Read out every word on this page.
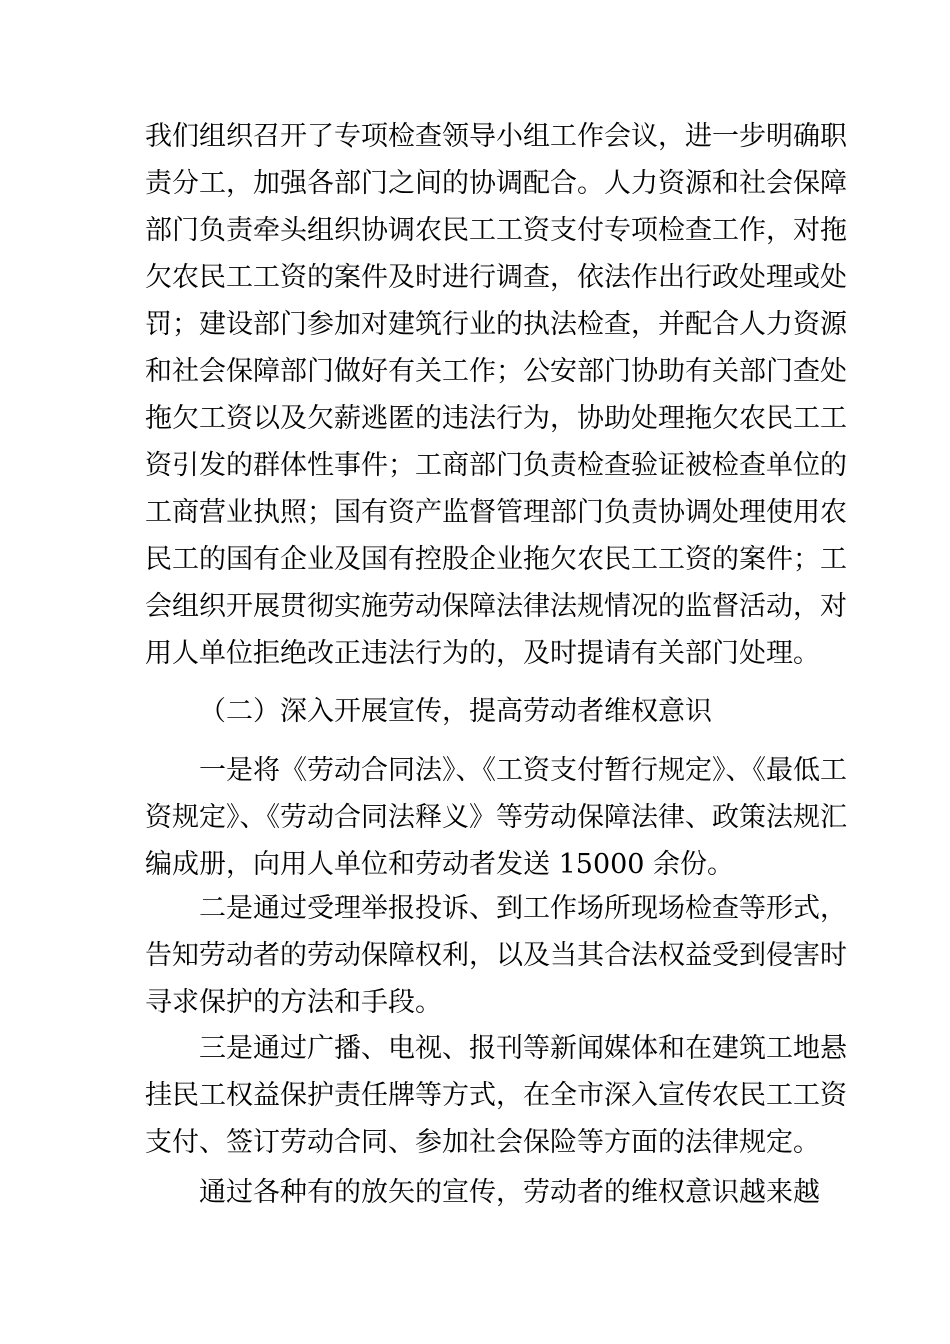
我们组织召开了专项检查领导小组工作会议，进一步明确职
责分工，加强各部门之间的协调配合。人力资源和社会保障
部门负责牵头组织协调农民工工资支付专项检查工作，对拖
欠农民工工资的案件及时进行调查，依法作出行政处理或处
罚；建设部门参加对建筑行业的执法检查，并配合人力资源
和社会保障部门做好有关工作；公安部门协助有关部门查处
拖欠工资以及欠薪逃匿的违法行为，协助处理拖欠农民工工
资引发的群体性事件；工商部门负责检查验证被检查单位的
工商营业执照；国有资产监督管理部门负责协调处理使用农
民工的国有企业及国有控股企业拖欠农民工工资的案件；工
会组织开展贯彻实施劳动保障法律法规情况的监督活动，对
用人单位拒绝改正违法行为的，及时提请有关部门处理。
（二）深入开展宣传，提高劳动者维权意识
一是将《劳动合同法》、《工资支付暂行规定》、《最低工
资规定》、《劳动合同法释义》等劳动保障法律、政策法规汇
编成册，向用人单位和劳动者发送 15000 余份。
二是通过受理举报投诉、到工作场所现场检查等形式，
告知劳动者的劳动保障权利，以及当其合法权益受到侵害时
寻求保护的方法和手段。
三是通过广播、电视、报刊等新闻媒体和在建筑工地悬
挂民工权益保护责任牌等方式，在全市深入宣传农民工工资
支付、签订劳动合同、参加社会保险等方面的法律规定。
通过各种有的放矢的宣传，劳动者的维权意识越来越
